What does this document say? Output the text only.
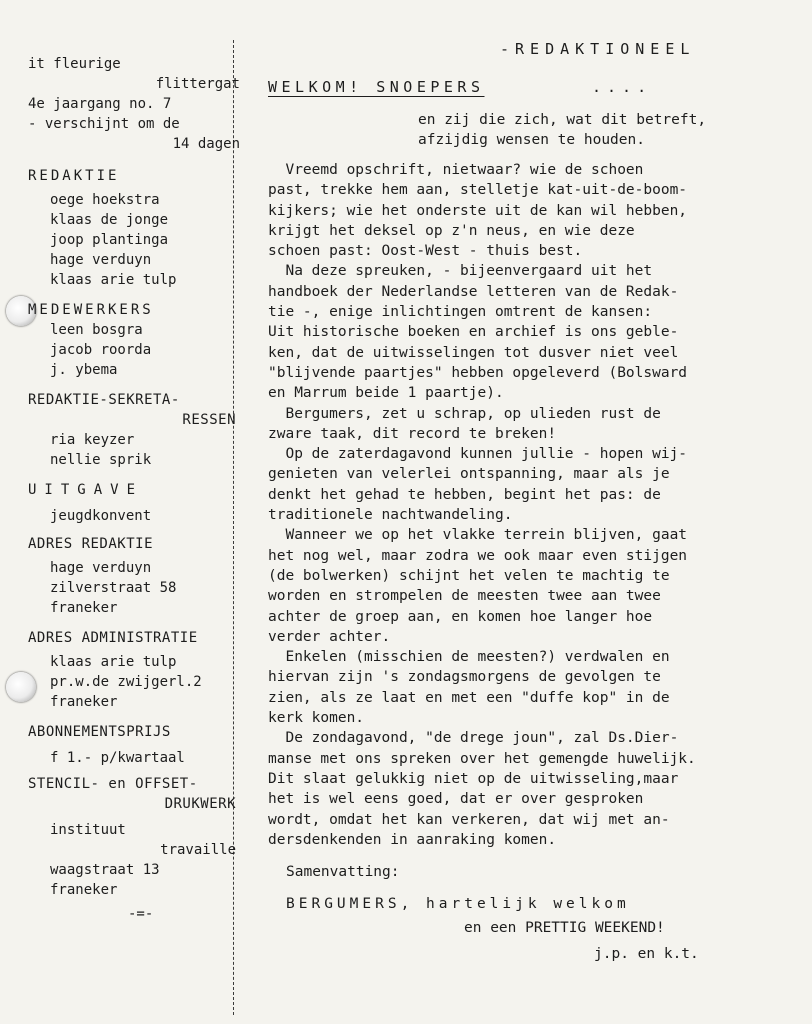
it fleurige
flittergat
4e jaargang no. 7
- verschijnt om de
14 dagen
REDAKTIE
oege hoekstra
klaas de jonge
joop plantinga
hage verduyn
klaas arie tulp
MEDEWERKERS
leen bosgra
jacob roorda
j. ybema
REDAKTIE-SEKRETA-
RESSEN
ria keyzer
nellie sprik
UITGAVE
jeugdkonvent
ADRES REDAKTIE
hage verduyn
zilverstraat 58
franeker
ADRES ADMINISTRATIE
klaas arie tulp
pr.w.de zwijgerl.2
franeker
ABONNEMENTSPRIJS
f 1.- p/kwartaal
STENCIL- en OFFSET-
DRUKWERK
instituut
travaille
waagstraat 13
franeker
-=-
-REDAKTIONEEL
WELKOM! SNOEPERS	....
en zij die zich, wat dit betreft,
afzijdig wensen te houden.
Vreemd opschrift, nietwaar? wie de schoen
past, trekke hem aan, stelletje kat-uit-de-boom-
kijkers; wie het onderste uit de kan wil hebben,
krijgt het deksel op z'n neus, en wie deze
schoen past: Oost-West - thuis best.
Na deze spreuken, - bijeenvergaard uit het
handboek der Nederlandse letteren van de Redak-
tie -, enige inlichtingen omtrent de kansen:
Uit historische boeken en archief is ons geble-
ken, dat de uitwisselingen tot dusver niet veel
"blijvende paartjes" hebben opgeleverd (Bolsward
en Marrum beide 1 paartje).
Bergumers, zet u schrap, op ulieden rust de
zware taak, dit record te breken!
Op de zaterdagavond kunnen jullie - hopen wij-
genieten van velerlei ontspanning, maar als je
denkt het gehad te hebben, begint het pas: de
traditionele nachtwandeling.
Wanneer we op het vlakke terrein blijven, gaat
het nog wel, maar zodra we ook maar even stijgen
(de bolwerken) schijnt het velen te machtig te
worden en strompelen de meesten twee aan twee
achter de groep aan, en komen hoe langer hoe
verder achter.
Enkelen (misschien de meesten?) verdwalen en
hiervan zijn 's zondagsmorgens de gevolgen te
zien, als ze laat en met een "duffe kop" in de
kerk komen.
De zondagavond, "de drege joun", zal Ds.Dier-
manse met ons spreken over het gemengde huwelijk.
Dit slaat gelukkig niet op de uitwisseling,maar
het is wel eens goed, dat er over gesproken
wordt, omdat het kan verkeren, dat wij met an-
dersdenkenden in aanraking komen.
Samenvatting:
BERGUMERS, hartelijk welkom
en een PRETTIG WEEKEND!
j.p. en k.t.
